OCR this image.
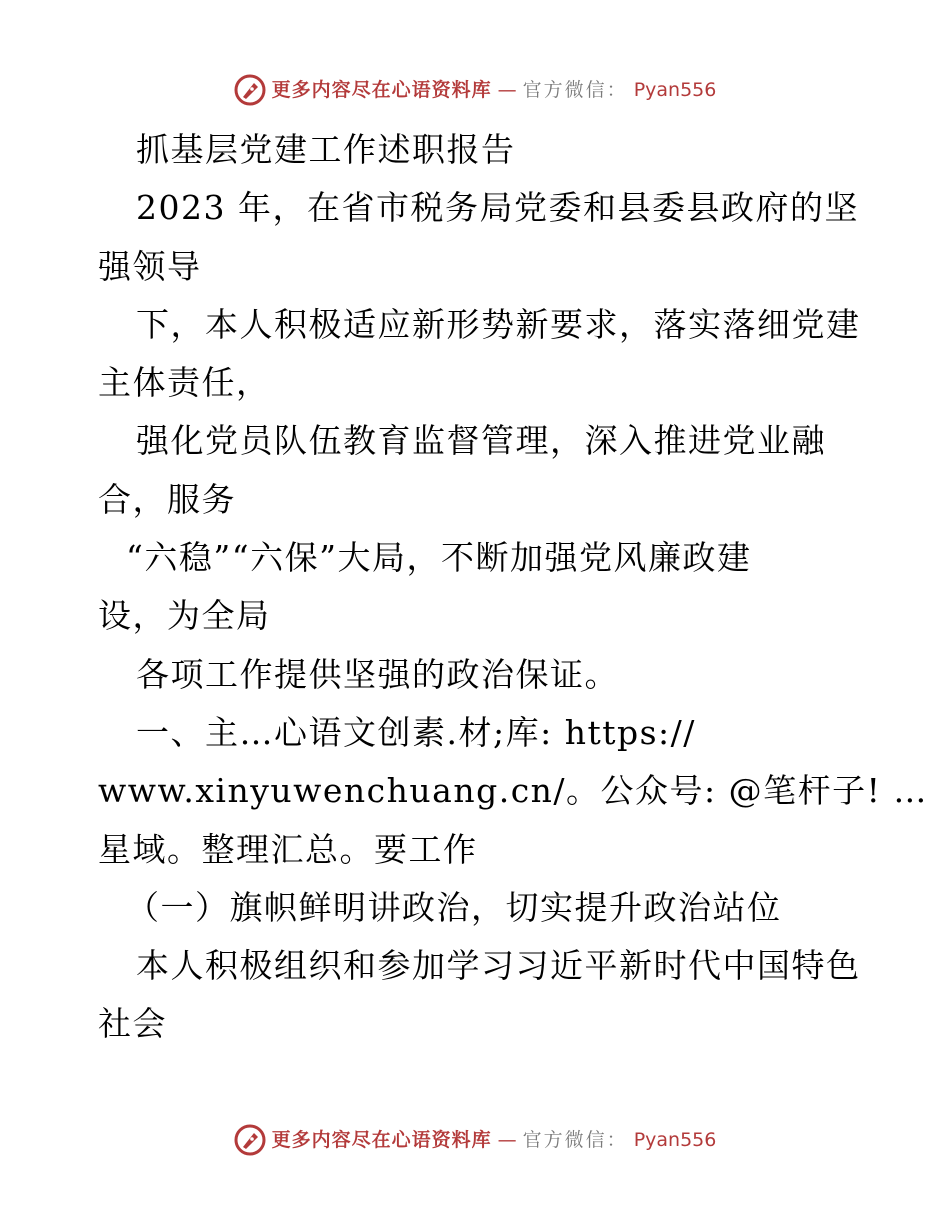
更多内容尽在心语资料库 — 官方微信： Pyan556
抓基层党建工作述职报告
2023 年，在省市税务局党委和县委县政府的坚
强领导
下，本人积极适应新形势新要求，落实落细党建
主体责任，
强化党员队伍教育监督管理，深入推进党业融
合，服务
“六稳”“六保”大局，不断加强党风廉政建
设，为全局
各项工作提供坚强的政治保证。
一、主…心语文创素.材;库: https://
www.xinyuwenchuang.cn/。公众号: @笔杆子! …
星域。整理汇总。要工作
（一）旗帜鲜明讲政治，切实提升政治站位
本人积极组织和参加学习习近平新时代中国特色
社会
更多内容尽在心语资料库 — 官方微信： Pyan556
